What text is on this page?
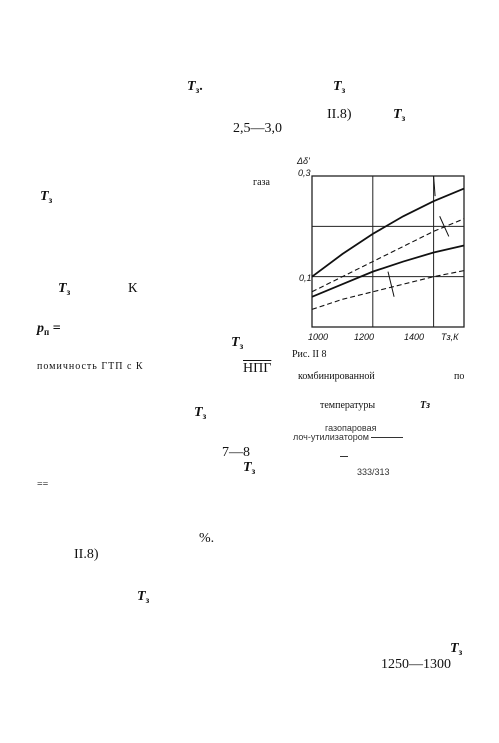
$T_з$.	$T_з$
II.8)	$T_з$
2,5—3,0
газа
$T_з$
$T_з$	К
$p_п$ =
$T_з$
помичность ГТП с К	НПГ
$T_з$
7—8
$T_з$
==
%.
II.8)
$T_з$
$T_з$
1250—1300
Δδ'
0,3
0,1
1000	1200	1400 Tз,К
Рис. II 8
комбинированной	по
температуры	Tз
газопаровая
лоч-утилизатором
333/313
